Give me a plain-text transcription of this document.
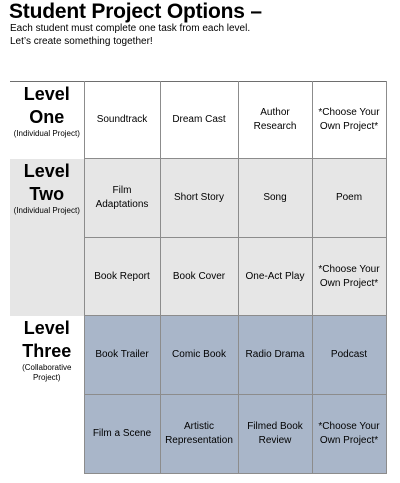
Student Project Options –
Each student must complete one task from each level.
Let’s create something together!
Level
One
(Individual Project)	Soundtrack	Dream Cast	Author Research	*Choose Your Own Project*

Level
Two
(Individual Project)	Film Adaptations	Short Story	Song	Poem
	Book Report	Book Cover	One-Act Play	*Choose Your Own Project*

Level
Three
(Collaborative Project)	Book Trailer	Comic Book	Radio Drama	Podcast
	Film a Scene	Artistic Representation	Filmed Book Review	*Choose Your Own Project*
